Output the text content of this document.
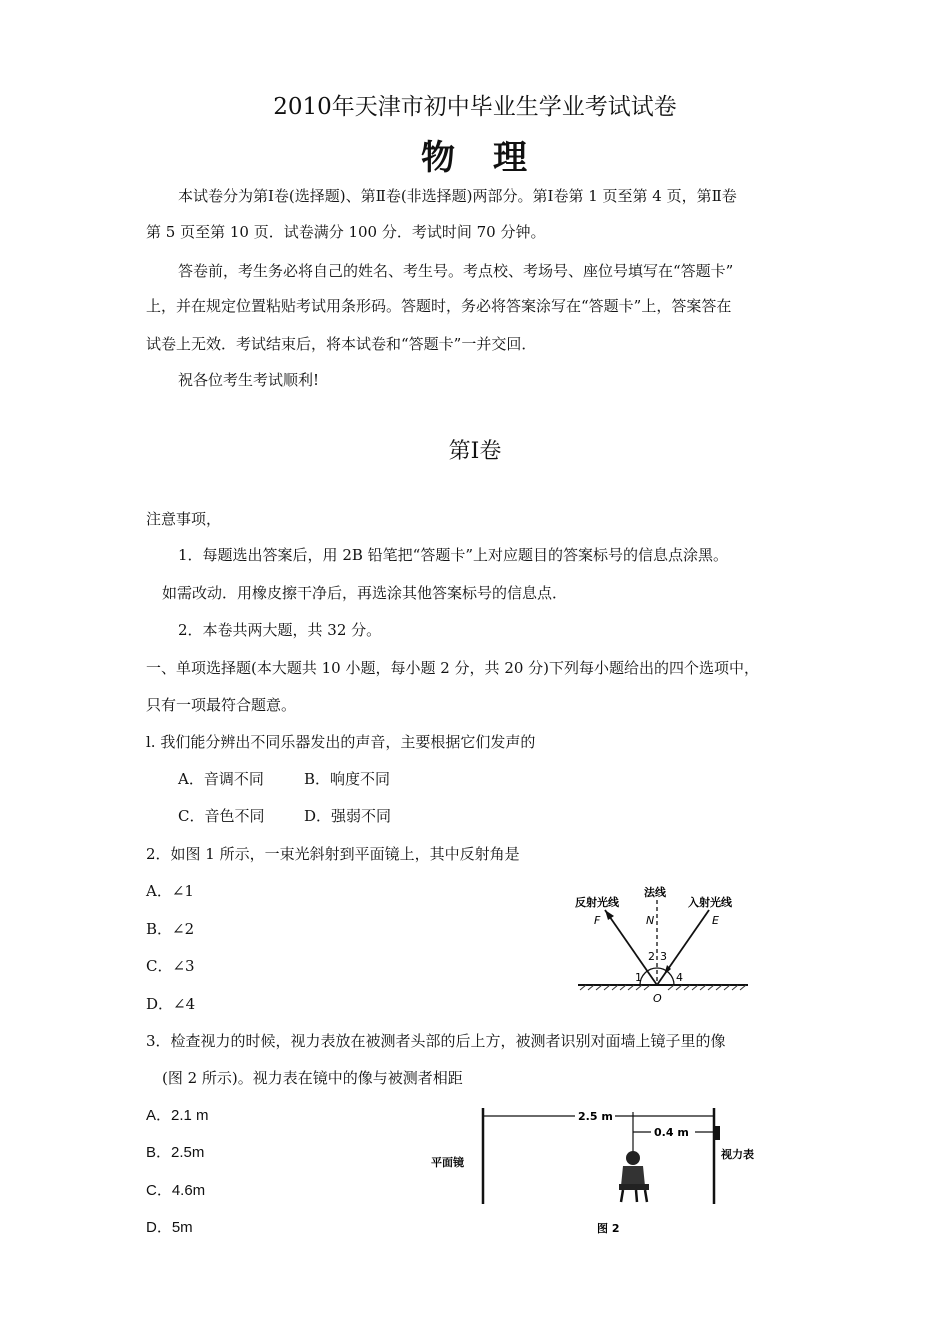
2010年天津市初中毕业生学业考试试卷
物　理
本试卷分为第Ⅰ卷(选择题)、第Ⅱ卷(非选择题)两部分。第Ⅰ卷第 1 页至第 4 页，第Ⅱ卷
第 5 页至第 10 页．试卷满分 100 分．考试时间 70 分钟。
答卷前，考生务必将自己的姓名、考生号。考点校、考场号、座位号填写在“答题卡”
上，并在规定位置粘贴考试用条形码。答题时，务必将答案涂写在“答题卡”上，答案答在
试卷上无效．考试结束后，将本试卷和“答题卡”一并交回．
祝各位考生考试顺利!
第Ⅰ卷
注意事项，
1．每题选出答案后，用 2B 铅笔把“答题卡”上对应题目的答案标号的信息点涂黑。
如需改动．用橡皮擦干净后，再选涂其他答案标号的信息点．
2．本卷共两大题，共 32 分。
一、单项选择题(本大题共 10 小题，每小题 2 分，共 20 分)下列每小题给出的四个选项中，
只有一项最符合题意。
l. 我们能分辨出不同乐器发出的声音，主要根据它们发声的
A．音调不同	B．响度不同
C．音色不同	D．强弱不同
2．如图 1 所示，一束光斜射到平面镜上，其中反射角是
A．∠1
B．∠2
C．∠3
D．∠4
反射光线
法线
入射光线
F	N	E
O
1
2 3
4
3．检查视力的时候，视力表放在被测者头部的后上方，被测者识别对面墙上镜子里的像
(图 2 所示)。视力表在镜中的像与被测者相距
A．2.1 m
B．2.5m
C．4.6m
D．5m
2.5 m
0.4 m
平面镜
视力表
图 2
